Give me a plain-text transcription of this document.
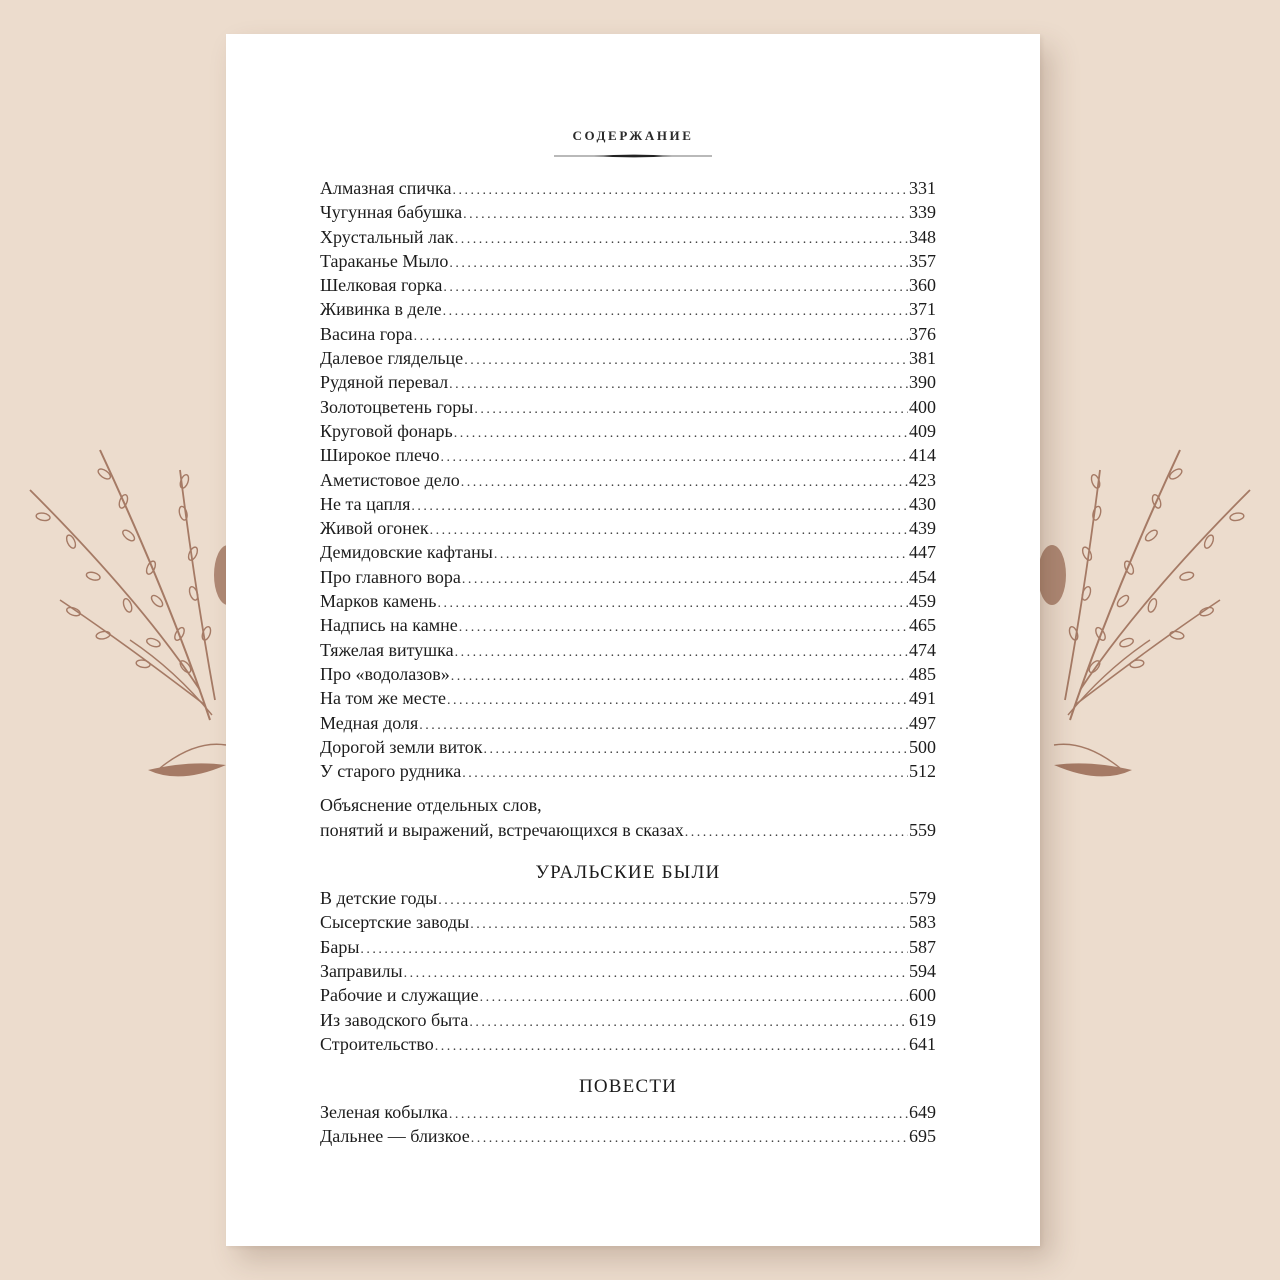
СОДЕРЖАНИЕ
Алмазная спичка . . .	331
Чугунная бабушка . . .	339
Хрустальный лак . . .	348
Тараканье Мыло . . .	357
Шелковая горка . . .	360
Живинка в деле . . .	371
Васина гора . . .	376
Далевое глядельце . . .	381
Рудяной перевал . . .	390
Золотоцветень горы . . .	400
Круговой фонарь . . .	409
Широкое плечо . . .	414
Аметистовое дело . . .	423
Не та цапля . . .	430
Живой огонек . . .	439
Демидовские кафтаны . . .	447
Про главного вора . . .	454
Марков камень . . .	459
Надпись на камне . . .	465
Тяжелая витушка . . .	474
Про «водолазов» . . .	485
На том же месте . . .	491
Медная доля . . .	497
Дорогой земли виток . . .	500
У старого рудника . . .	512
Объяснение отдельных слов,
понятий и выражений, встречающихся в сказах . . .	559
УРАЛЬСКИЕ БЫЛИ
В детские годы . . .	579
Сысертские заводы . . .	583
Бары . . .	587
Заправилы . . .	594
Рабочие и служащие . . .	600
Из заводского быта . . .	619
Строительство . . .	641
ПОВЕСТИ
Зеленая кобылка . . .	649
Дальнее — близкое . . .	695
